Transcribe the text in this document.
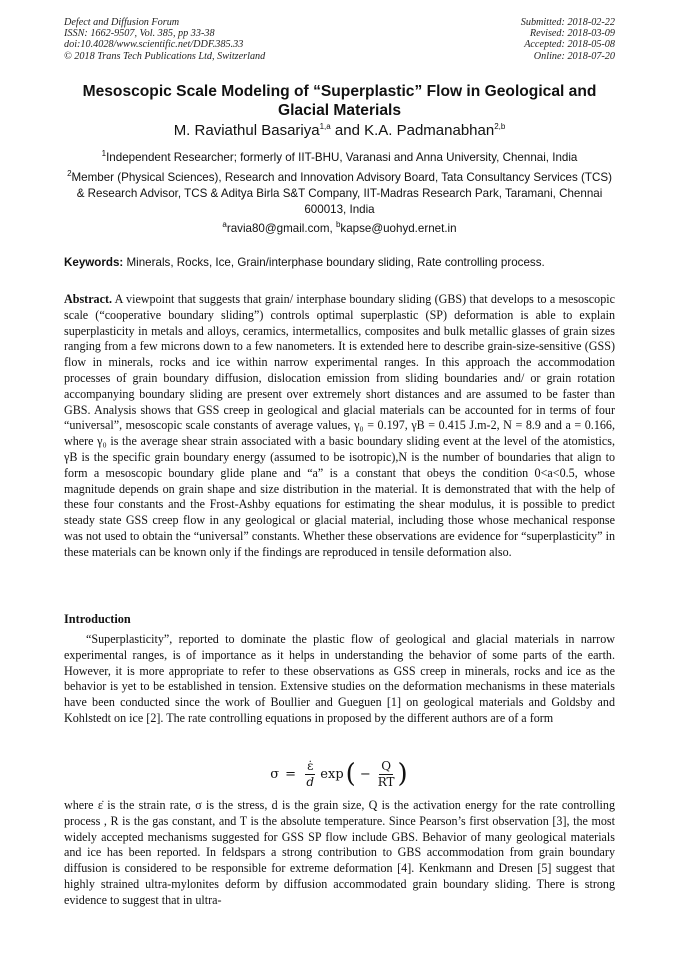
Defect and Diffusion Forum
ISSN: 1662-9507, Vol. 385, pp 33-38
doi:10.4028/www.scientific.net/DDF.385.33
© 2018 Trans Tech Publications Ltd, Switzerland
Submitted: 2018-02-22
Revised: 2018-03-09
Accepted: 2018-05-08
Online: 2018-07-20
Mesoscopic Scale Modeling of “Superplastic” Flow in Geological and Glacial Materials
M. Raviathul Basariya$^{1,a}$ and K.A. Padmanabhan$^{2,b}$
$^1$Independent Researcher; formerly of IIT-BHU, Varanasi and Anna University, Chennai, India
$^2$Member (Physical Sciences), Research and Innovation Advisory Board, Tata Consultancy Services (TCS) & Research Advisor, TCS & Aditya Birla S&T Company, IIT-Madras Research Park, Taramani, Chennai 600013, India
$^a$ravia80@gmail.com, $^b$kapse@uohyd.ernet.in
Keywords: Minerals, Rocks, Ice, Grain/interphase boundary sliding, Rate controlling process.

Abstract. A viewpoint that suggests that grain/ interphase boundary sliding (GBS) that develops to a mesoscopic scale (“cooperative boundary sliding”) controls optimal superplastic (SP) deformation is able to explain superplasticity in metals and alloys, ceramics, intermetallics, composites and bulk metallic glasses of grain sizes ranging from a few microns down to a few nanometers. It is extended here to describe grain-size-sensitive (GSS) flow in minerals, rocks and ice within narrow experimental ranges. In this approach the accommodation processes of grain boundary diffusion, dislocation emission from sliding boundaries and/ or grain rotation accompanying boundary sliding are present over extremely short distances and are assumed to be faster than GBS. Analysis shows that GSS creep in geological and glacial materials can be accounted for in terms of four “universal”, mesoscopic scale constants of average values, γ₀ = 0.197, γB = 0.415 J.m-2, N = 8.9 and a = 0.166, where γ₀ is the average shear strain associated with a basic boundary sliding event at the level of the atomistics, γB is the specific grain boundary energy (assumed to be isotropic),N is the number of boundaries that align to form a mesoscopic boundary glide plane and “a” is a constant that obeys the condition 0<a<0.5, whose magnitude depends on grain shape and size distribution in the material. It is demonstrated that with the help of these four constants and the Frost-Ashby equations for estimating the shear modulus, it is possible to predict steady state GSS creep flow in any geological or glacial material, including those whose mechanical response was not used to obtain the “universal” constants. Whether these observations are evidence for “superplasticity” in these materials can be known only if the findings are reproduced in tensile deformation also.

Introduction

“Superplasticity”, reported to dominate the plastic flow of geological and glacial materials in narrow experimental ranges, is of importance as it helps in understanding the behavior of some parts of the earth. However, it is more appropriate to refer to these observations as GSS creep in minerals, rocks and ice as the behavior is yet to be established in tension. Extensive studies on the deformation mechanisms in these materials have been conducted since the work of Boullier and Gueguen [1] on geological materials and Goldsby and Kohlstedt on ice [2]. The rate controlling equations in proposed by the different authors are of a form

$\sigma = \frac{\varepsiloṅ}{d}$ exp ( − $\frac{Q}{RT}$ )

where ε̇ is the strain rate, σ is the stress, d is the grain size, Q is the activation energy for the rate controlling process , R is the gas constant, and T is the absolute temperature. Since Pearson’s first observation [3], the most widely accepted mechanisms suggested for GSS SP flow include GBS. Behavior of many geological materials and ice has been reported. In feldspars a strong contribution to GBS accommodation from grain boundary diffusion is considered to be responsible for extreme deformation [4]. Kenkmann and Dresen [5] suggest that highly strained ultra-mylonites deform by diffusion accommodated grain boundary sliding. There is strong evidence to suggest that in ultra-
